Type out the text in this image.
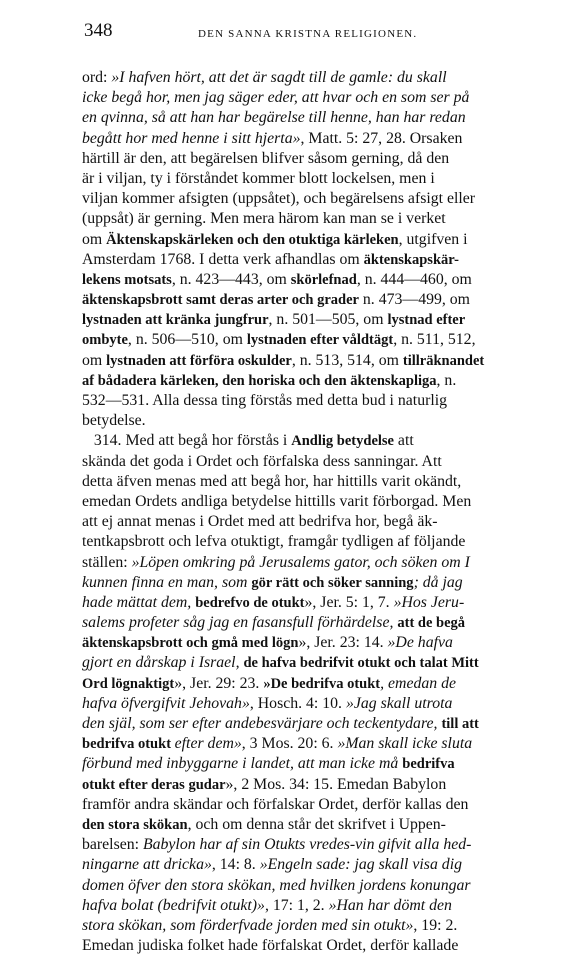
348	DEN SANNA KRISTNA RELIGIONEN.
ord: »I hafven hört, att det är sagdt till de gamle: du skall
icke begå hor, men jag säger eder, att hvar och en som ser på
en qvinna, så att han har begärelse till henne, han har redan
begått hor med henne i sitt hjerta», Matt. 5: 27, 28. Orsaken
härtill är den, att begärelsen blifver såsom gerning, då den
är i viljan, ty i förståndet kommer blott lockelsen, men i
viljan kommer afsigten (uppsåtet), och begärelsens afsigt eller
(uppsåt) är gerning. Men mera härom kan man se i verket
om Äktenskapskärleken och den otuktiga kärleken, utgifven i
Amsterdam 1768. I detta verk afhandlas om äktenskapskär-
lekens motsats, n. 423—443, om skörlefnad, n. 444—460, om
äktenskapsbrott samt deras arter och grader n. 473—499, om
lystnaden att kränka jungfrur, n. 501—505, om lystnad efter
ombyte, n. 506—510, om lystnaden efter våldtägt, n. 511, 512,
om lystnaden att förföra oskulder, n. 513, 514, om tillräknandet
af bådadera kärleken, den horiska och den äktenskapliga, n.
532—531. Alla dessa ting förstås med detta bud i naturlig
betydelse.
314. Med att begå hor förstås i Andlig betydelse att
skända det goda i Ordet och förfalska dess sanningar. Att
detta äfven menas med att begå hor, har hittills varit okändt,
emedan Ordets andliga betydelse hittills varit förborgad. Men
att ej annat menas i Ordet med att bedrifva hor, begå äk-
tentkapsbrott och lefva otuktigt, framgår tydligen af följande
ställen: »Löpen omkring på Jerusalems gator, och söken om I
kunnen finna en man, som gör rätt och söker sanning; då jag
hade mättat dem, bedrefvo de otukt», Jer. 5: 1, 7. »Hos Jeru-
salems profeter såg jag en fasansfull förhärdelse, att de begå
äktenskapsbrott och gmå med lögn», Jer. 23: 14. »De hafva
gjort en dårskap i Israel, de hafva bedrifvit otukt och talat Mitt
Ord lögnaktigt», Jer. 29: 23. »De bedrifva otukt, emedan de
hafva öfvergifvit Jehovah», Hosch. 4: 10. »Jag skall utrota
den själ, som ser efter andebesvärjare och teckentydare, till att
bedrifva otukt efter dem», 3 Mos. 20: 6. »Man skall icke sluta
förbund med inbyggarne i landet, att man icke må bedrifva
otukt efter deras gudar», 2 Mos. 34: 15. Emedan Babylon
framför andra skändar och förfalskar Ordet, derför kallas den
den stora skökan, och om denna står det skrifvet i Uppen-
barelsen: Babylon har af sin Otukts vredes-vin gifvit alla hed-
ningarne att dricka», 14: 8. »Engeln sade: jag skall visa dig
domen öfver den stora skökan, med hvilken jordens konungar
hafva bolat (bedrifvit otukt)», 17: 1, 2. »Han har dömt den
stora skökan, som förderfvade jorden med sin otukt», 19: 2.
Emedan judiska folket hade förfalskat Ordet, derför kallade
